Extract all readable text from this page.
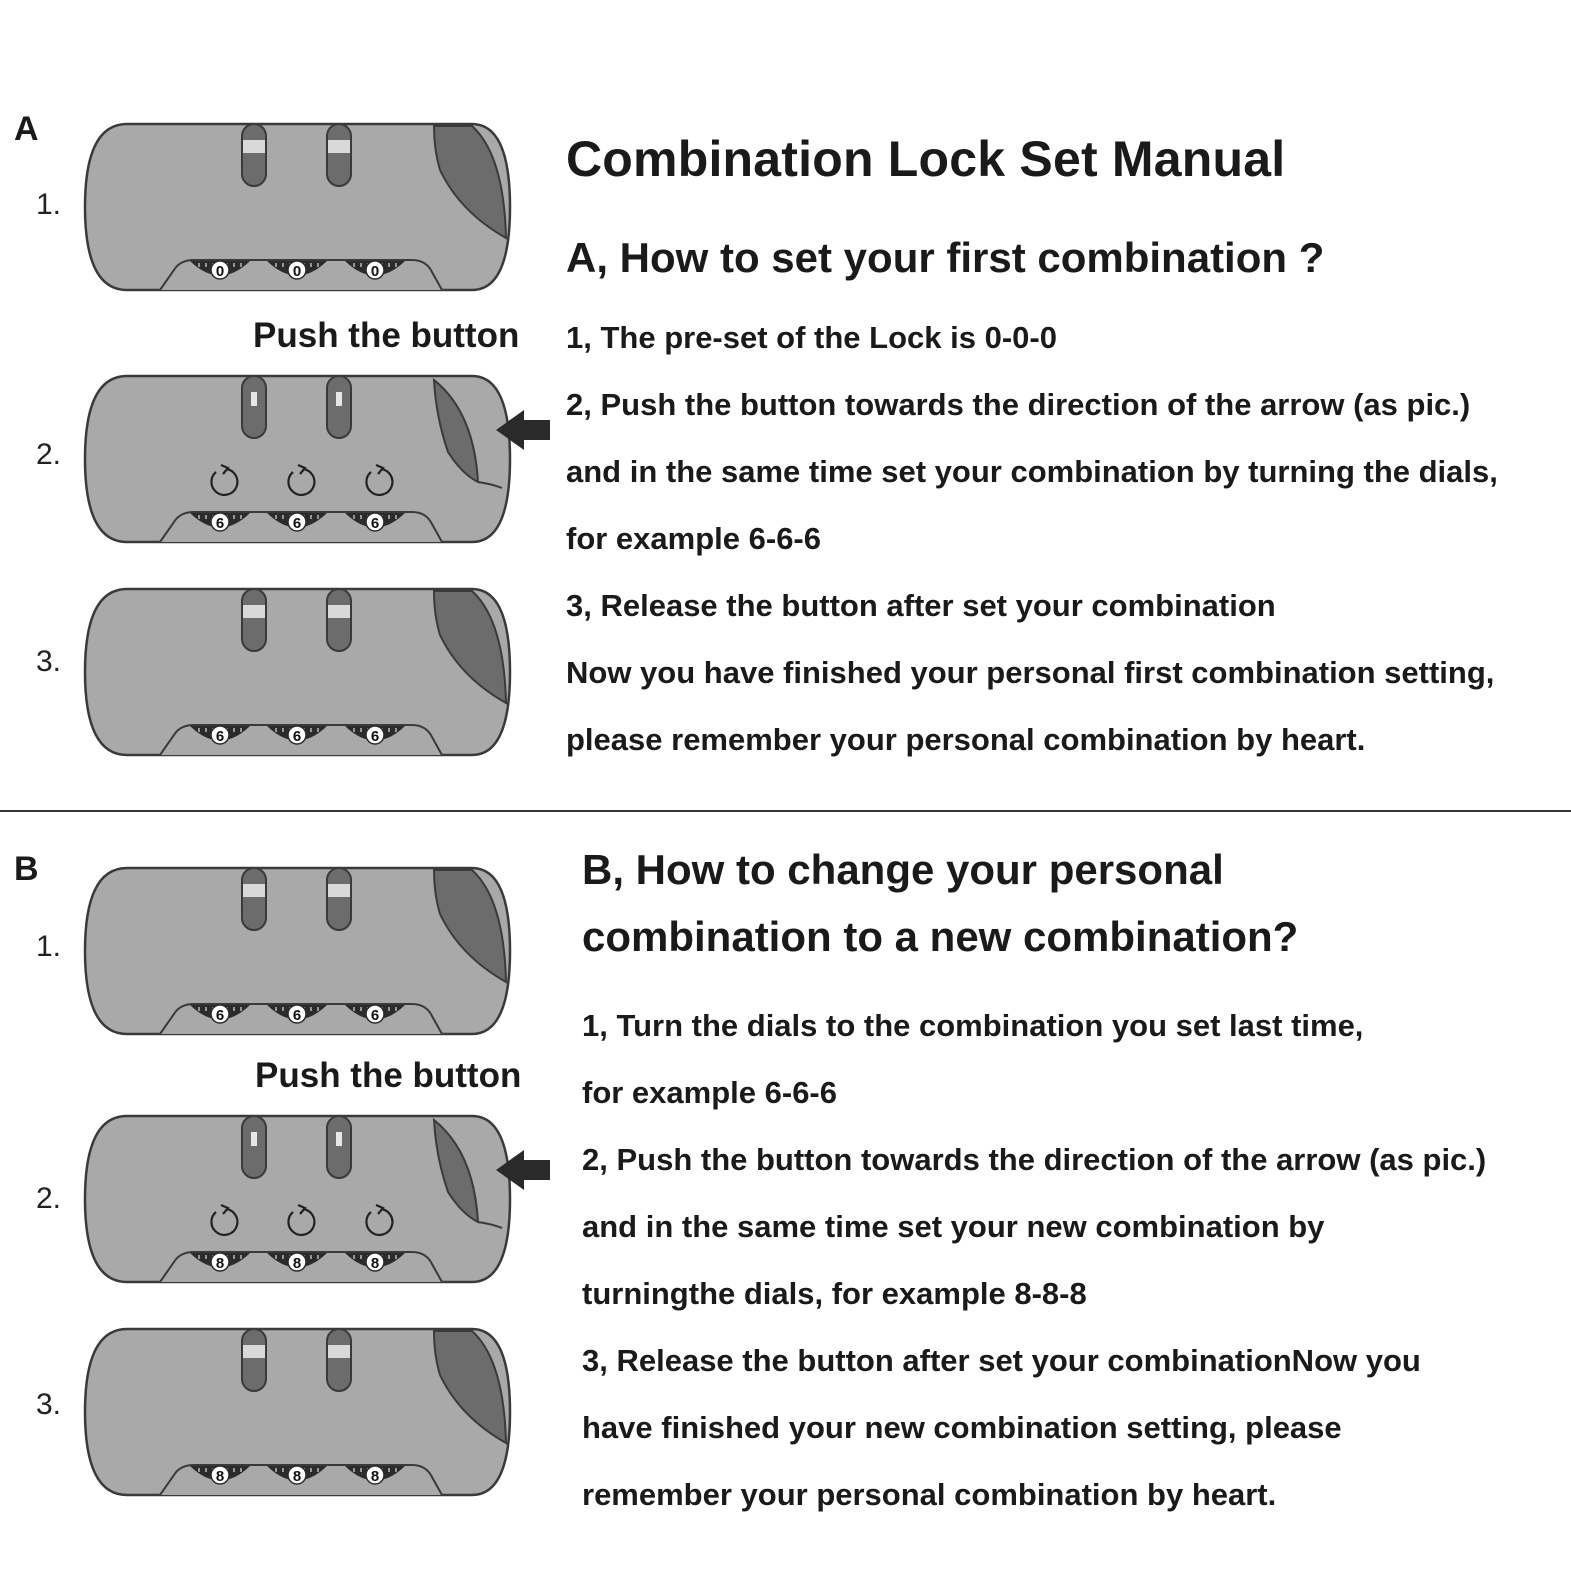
A
Combination Lock Set Manual
A, How to set your first combination ?
1.
2.
3.
Push the button
0	0	0
6	6	6
6	6	6
1, The pre-set of the Lock is 0-0-0
2, Push the button towards the direction of the arrow (as pic.)
and in the same time set your combination by turning the dials,
for example 6-6-6
3, Release the button after set your combination
Now you have finished your personal first combination setting,
please remember your personal combination by heart.
B	B, How to change your personal
combination to a new combination?
1.
2.
3.
Push the button
6	6	6
8	8	8
8	8	8
1, Turn the dials to the combination you set last time,
for example 6-6-6
2, Push the button towards the direction of the arrow (as pic.)
and in the same time set your new combination by
turningthe dials, for example 8-8-8
3, Release the button after set your combinationNow you
have finished your new combination setting, please
remember your personal combination by heart.
